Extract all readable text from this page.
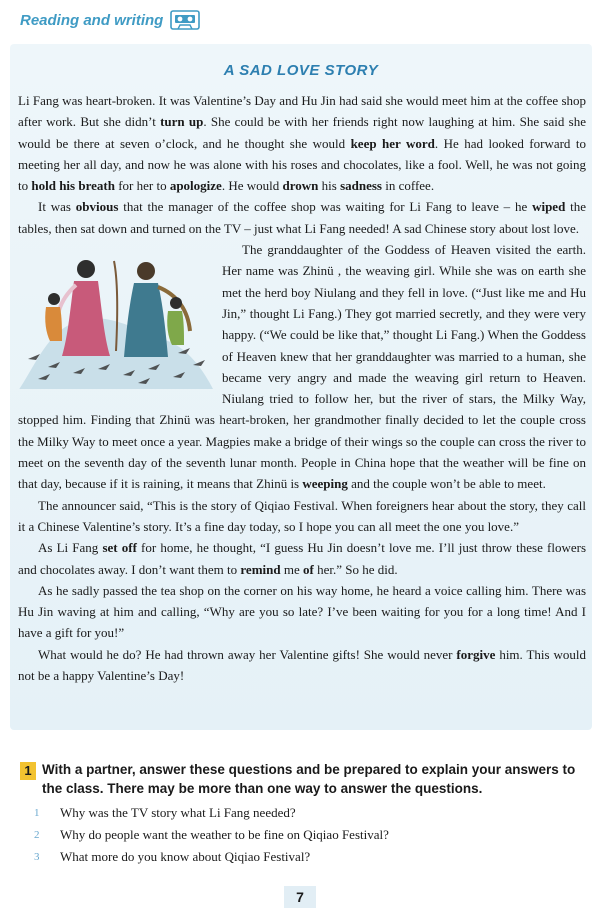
Reading and writing
A SAD LOVE STORY

Li Fang was heart-broken. It was Valentine’s Day and Hu Jin had said she would meet him at the coffee shop after work. But she didn’t turn up. She could be with her friends right now laughing at him. She said she would be there at seven o’clock, and he thought she would keep her word. He had looked forward to meeting her all day, and now he was alone with his roses and chocolates, like a fool. Well, he was not going to hold his breath for her to apologize. He would drown his sadness in coffee.

It was obvious that the manager of the coffee shop was waiting for Li Fang to leave – he wiped the tables, then sat down and turned on the TV – just what Li Fang needed! A sad Chinese story about lost love.

The granddaughter of the Goddess of Heaven visited the earth. Her name was Zhinü , the weaving girl. While she was on earth she met the herd boy Niulang and they fell in love. (“Just like me and Hu Jin,” thought Li Fang.) They got married secretly, and they were very happy. (“We could be like that,” thought Li Fang.) When the Goddess of Heaven knew that her granddaughter was married to a human, she became very angry and made the weaving girl return to Heaven. Niulang tried to follow her, but the river of stars, the Milky Way, stopped him. Finding that Zhinü was heart-broken, her grandmother finally decided to let the couple cross the Milky Way to meet once a year. Magpies make a bridge of their wings so the couple can cross the river to meet on the seventh day of the seventh lunar month. People in China hope that the weather will be fine on that day, because if it is raining, it means that Zhinü is weeping and the couple won’t be able to meet.

The announcer said, “This is the story of Qiqiao Festival. When foreigners hear about the story, they call it a Chinese Valentine’s story. It’s a fine day today, so I hope you can all meet the one you love.”

As Li Fang set off for home, he thought, “I guess Hu Jin doesn’t love me. I’ll just throw these flowers and chocolates away. I don’t want them to remind me of her.” So he did.

As he sadly passed the tea shop on the corner on his way home, he heard a voice calling him. There was Hu Jin waving at him and calling, “Why are you so late? I’ve been waiting for you for a long time! And I have a gift for you!”

What would he do? He had thrown away her Valentine gifts! She would never forgive him. This would not be a happy Valentine’s Day!

1 With a partner, answer these questions and be prepared to explain your answers to the class. There may be more than one way to answer the questions.
1 Why was the TV story what Li Fang needed?
2 Why do people want the weather to be fine on Qiqiao Festival?
3 What more do you know about Qiqiao Festival?
7
